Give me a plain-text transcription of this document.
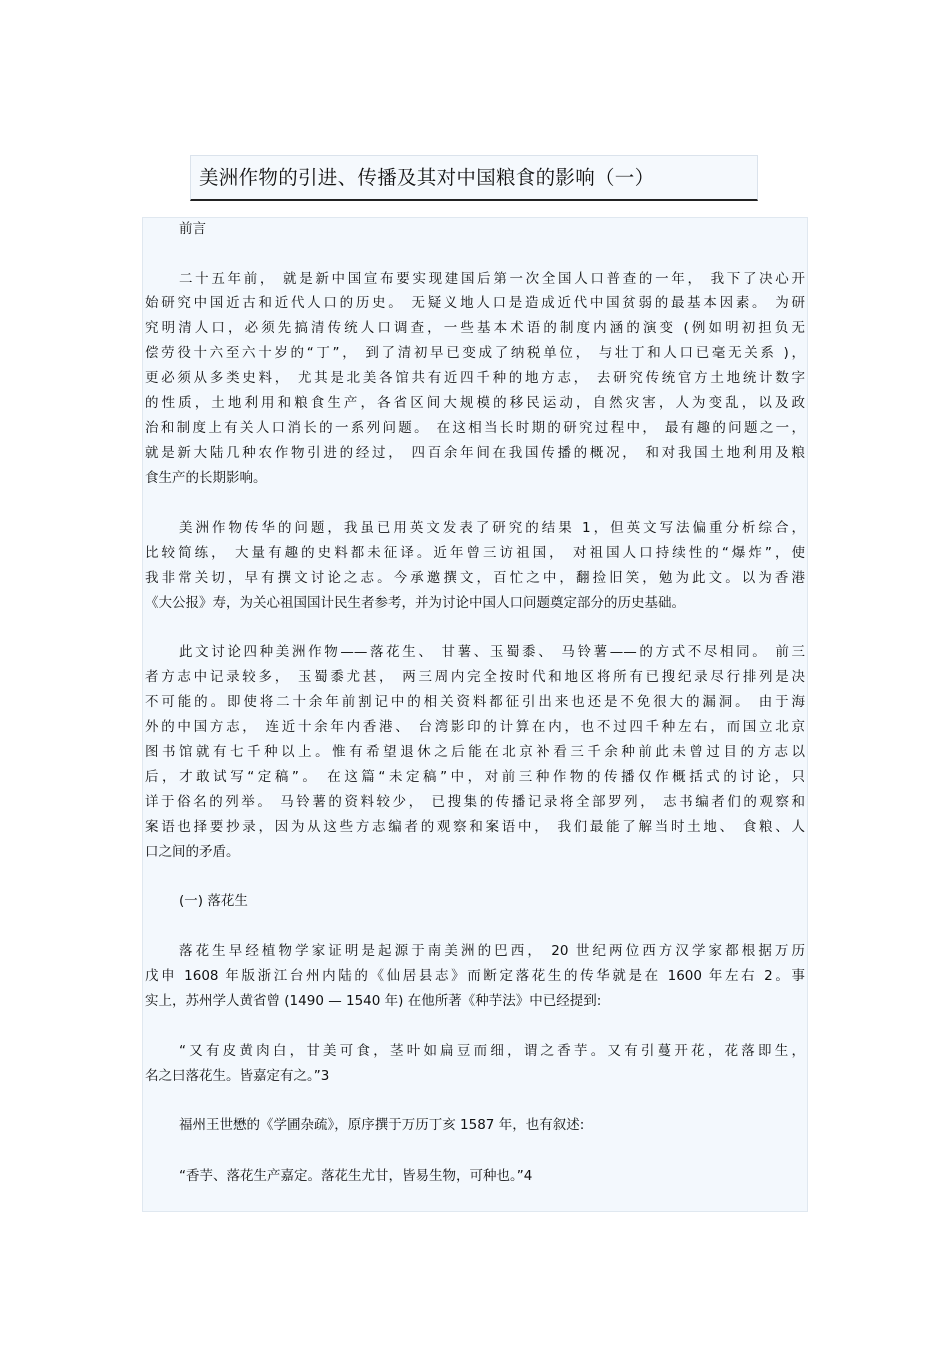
美洲作物的引进、传播及其对中国粮食的影响（一）
前言
二十五年前， 就是新中国宣布要实现建国后第一次全国人口普查的一年， 我下了决心开
始研究中国近古和近代人口的历史。 无疑义地人口是造成近代中国贫弱的最基本因素。 为研
究明清人口，必须先搞清传统人口调查，一些基本术语的制度内涵的演变 (例如明初担负无
偿劳役十六至六十岁的“丁”， 到了清初早已变成了纳税单位， 与壮丁和人口已毫无关系 )，
更必须从多类史料， 尤其是北美各馆共有近四千种的地方志， 去研究传统官方土地统计数字
的性质，土地利用和粮食生产，各省区间大规模的移民运动，自然灾害，人为变乱，以及政
治和制度上有关人口消长的一系列问题。 在这相当长时期的研究过程中， 最有趣的问题之一，
就是新大陆几种农作物引进的经过， 四百余年间在我国传播的概况， 和对我国土地利用及粮
食生产的长期影响。
美洲作物传华的问题，我虽已用英文发表了研究的结果 1，但英文写法偏重分析综合，
比较简练， 大量有趣的史料都未征译。近年曾三访祖国， 对祖国人口持续性的“爆炸”，使
我非常关切，早有撰文讨论之志。今承邀撰文，百忙之中，翻捡旧笑，勉为此文。以为香港
《大公报》寿，为关心祖国国计民生者参考，并为讨论中国人口问题奠定部分的历史基础。
此文讨论四种美洲作物——落花生、 甘薯、玉蜀黍、 马铃薯——的方式不尽相同。 前三
者方志中记录较多， 玉蜀黍尤甚， 两三周内完全按时代和地区将所有已搜纪录尽行排列是决
不可能的。即使将二十余年前割记中的相关资料都征引出来也还是不免很大的漏洞。 由于海
外的中国方志， 连近十余年内香港、 台湾影印的计算在内，也不过四千种左右，而国立北京
图书馆就有七千种以上。惟有希望退休之后能在北京补看三千余种前此未曾过目的方志以
后，才敢试写“定稿”。 在这篇“未定稿”中，对前三种作物的传播仅作概括式的讨论，只
详于俗名的列举。 马铃薯的资料较少， 已搜集的传播记录将全部罗列， 志书编者们的观察和
案语也择要抄录，因为从这些方志编者的观察和案语中， 我们最能了解当时土地、 食粮、人
口之间的矛盾。
(一) 落花生
落花生早经植物学家证明是起源于南美洲的巴西， 20 世纪两位西方汉学家都根据万历
戊申 1608 年版浙江台州内陆的《仙居县志》而断定落花生的传华就是在 1600 年左右 2。事
实上，苏州学人黄省曾 (1490 — 1540 年) 在他所著《种芋法》中已经提到:
“又有皮黄肉白，甘美可食，茎叶如扁豆而细，谓之香芋。又有引蔓开花，花落即生，
名之曰落花生。皆嘉定有之。”3
福州王世懋的《学圃杂疏》，原序撰于万历丁亥 1587 年，也有叙述:
“香芋、落花生产嘉定。落花生尤甘，皆易生物，可种也。”4
